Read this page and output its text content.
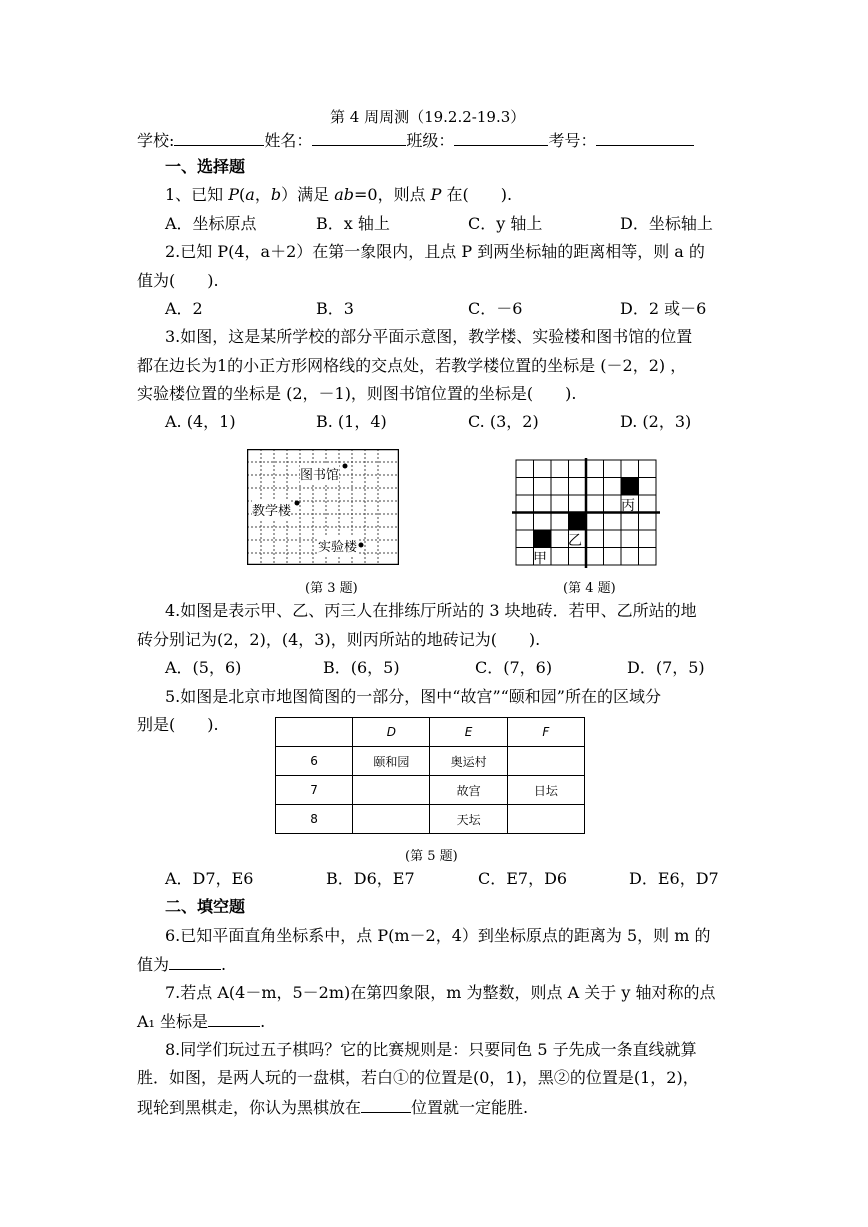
第 4 周周测（19.2.2-19.3）
学校:	姓名：	班级：	考号：
一、选择题
1、已知 P(a，b）满足 ab=0，则点 P 在(　　).
A．坐标原点	B．x 轴上	C．y 轴上	D．坐标轴上
2.已知 P(4，a＋2）在第一象限内，且点 P 到两坐标轴的距离相等，则 a 的
值为(　　).
A．2	B．3	C．－6	D．2 或－6
3.如图，这是某所学校的部分平面示意图，教学楼、实验楼和图书馆的位置
都在边长为1的小正方形网格线的交点处，若教学楼位置的坐标是 (－2，2) ，
实验楼位置的坐标是 (2，－1)，则图书馆位置的坐标是(　　).
A. (4，1)	B. (1，4)	C. (3，2)	D. (2，3)
图书馆
教学楼
实验楼
(第 3 题)
甲
乙
丙
(第 4 题)
4.如图是表示甲、乙、丙三人在排练厅所站的 3 块地砖．若甲、乙所站的地
砖分别记为(2，2)，(4，3)，则丙所站的地砖记为(　　).
A．(5，6)	B．(6，5)	C．(7，6)	D．(7，5)
5.如图是北京市地图简图的一部分，图中“故宫”“颐和园”所在的区域分
别是(　　).
		D	E	F
6	颐和园	奥运村	
7		故宫	日坛
8		天坛	
(第 5 题)
A．D7，E6	B．D6，E7	C．E7，D6	D．E6，D7
二、填空题
6.已知平面直角坐标系中，点 P(m－2，4）到坐标原点的距离为 5，则 m 的
值为	.
7.若点 A(4－m，5－2m)在第四象限，m 为整数，则点 A 关于 y 轴对称的点
A₁ 坐标是	.
8.同学们玩过五子棋吗？它的比赛规则是：只要同色 5 子先成一条直线就算
胜．如图，是两人玩的一盘棋，若白①的位置是(0，1)，黑②的位置是(1，2)，
现轮到黑棋走，你认为黑棋放在	位置就一定能胜.
